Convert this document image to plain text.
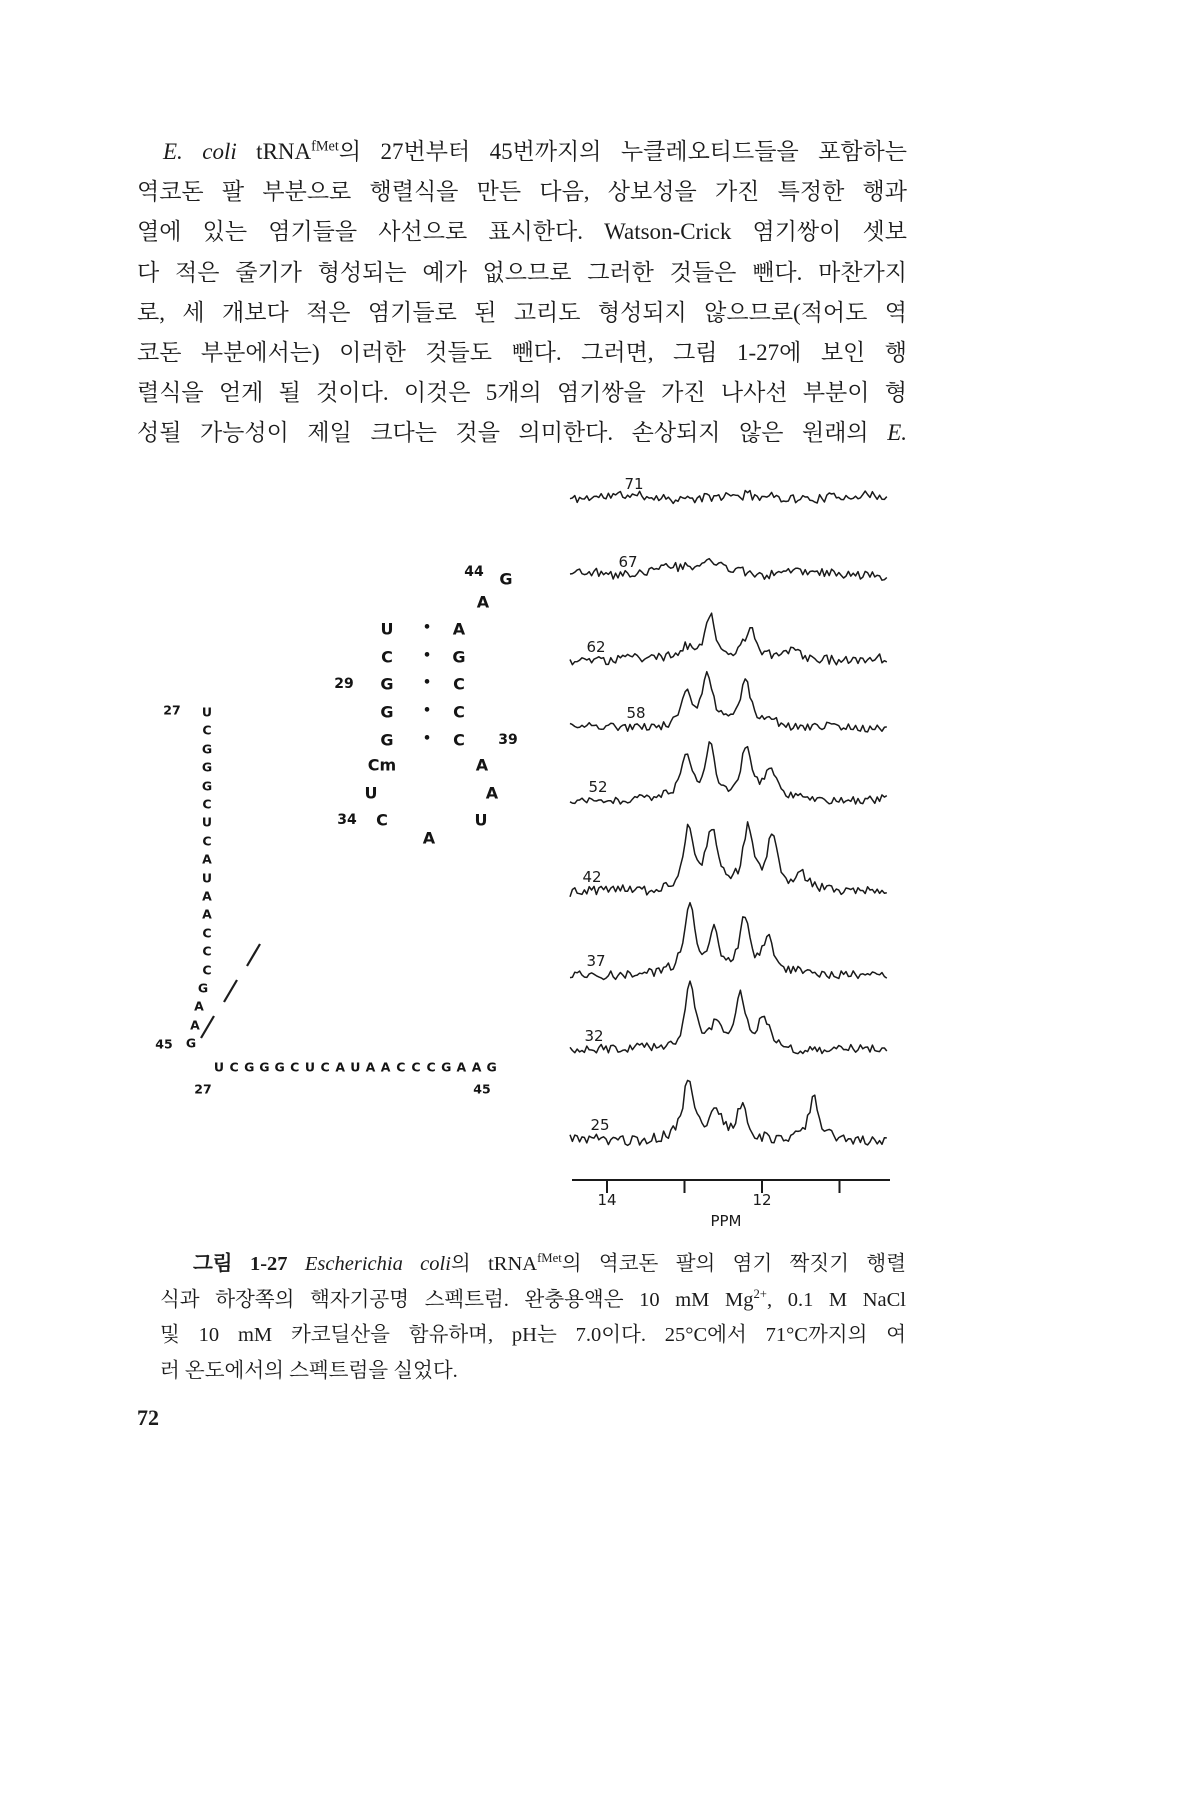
E. coli tRNA$^{fMet}$의 27번부터 45번까지의 누클레오티드들을 포함하는
역코돈 팔 부분으로 행렬식을 만든 다음, 상보성을 가진 특정한 행과
열에 있는 염기들을 사선으로 표시한다. Watson-Crick 염기쌍이 셋보
다 적은 줄기가 형성되는 예가 없으므로 그러한 것들은 뺀다. 마찬가지
로, 세 개보다 적은 염기들로 된 고리도 형성되지 않으므로(적어도 역
코돈 부분에서는) 이러한 것들도 뺀다. 그러면, 그림 1-27에 보인 행
렬식을 얻게 될 것이다. 이것은 5개의 염기쌍을 가진 나사선 부분이 형
성될 가능성이 제일 크다는 것을 의미한다. 손상되지 않은 원래의 E.
71
67
62
58
52
42
37
32
25
14	12
PPM
44 G
A
U • A
C • G
G • C
G • C
G • C
29
39
Cm
U
C
34
A
A
U
A
U
C
G
G
G
C
U
C
A
U
A
A
C
C
C
G
A
A
G
27
45
U C G G G C U C A U A A C C C G A A G
27	45
그림 1-27 Escherichia coli의 tRNA$^{fMet}$의 역코돈 팔의 염기 짝짓기 행렬
식과 하장쪽의 핵자기공명 스펙트럼. 완충용액은 10 mM $Mg^{2+}$, 0.1 M NaCl
및 10 mM 카코딜산을 함유하며, pH는 7.0이다. 25°C에서 71°C까지의 여
러 온도에서의 스펙트럼을 실었다.
72
